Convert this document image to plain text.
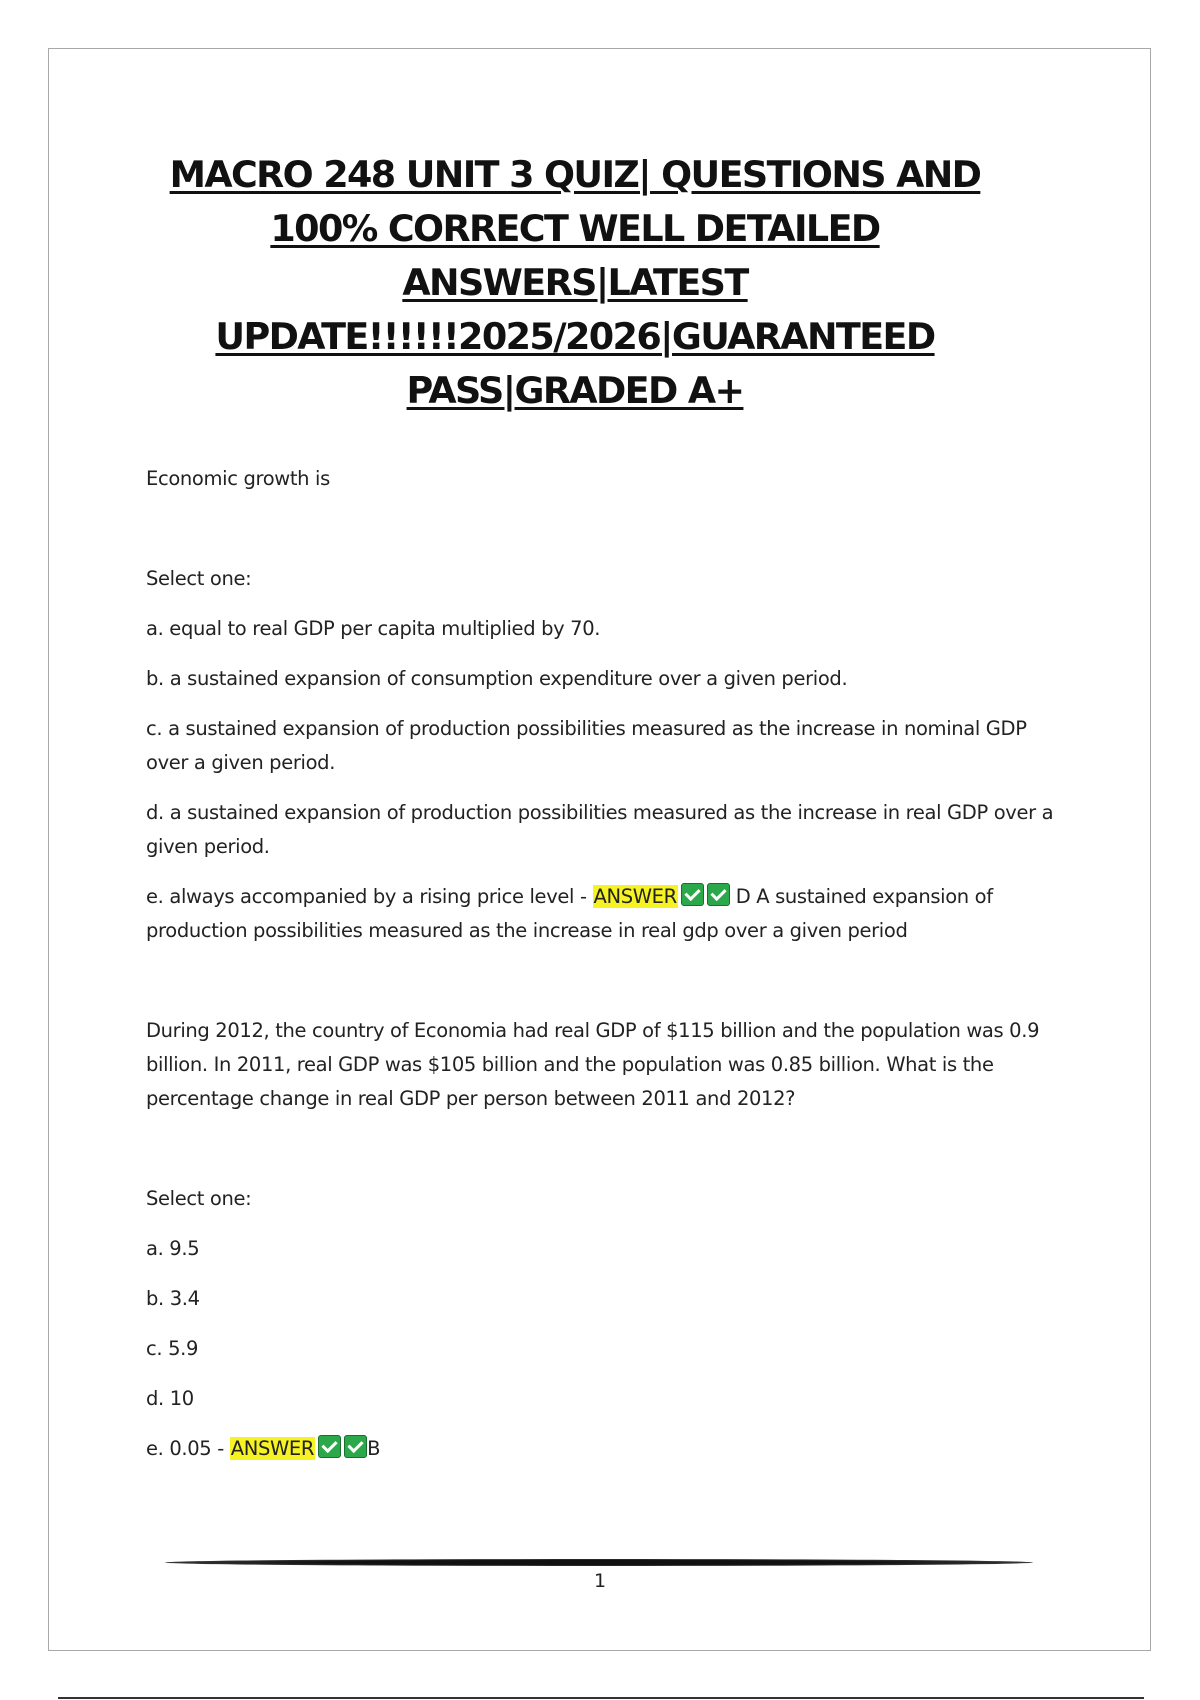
MACRO 248 UNIT 3 QUIZ| QUESTIONS AND
100% CORRECT WELL DETAILED
ANSWERS|LATEST
UPDATE!!!!!!2025/2026|GUARANTEED
PASS|GRADED A+

Economic growth is

Select one:

a. equal to real GDP per capita multiplied by 70.

b. a sustained expansion of consumption expenditure over a given period.

c. a sustained expansion of production possibilities measured as the increase in nominal GDP over a given period.

d. a sustained expansion of production possibilities measured as the increase in real GDP over a given period.

e. always accompanied by a rising price level - ANSWER	D A sustained expansion of production possibilities measured as the increase in real gdp over a given period

During 2012, the country of Economia had real GDP of $115 billion and the population was 0.9 billion. In 2011, real GDP was $105 billion and the population was 0.85 billion. What is the percentage change in real GDP per person between 2011 and 2012?

Select one:

a. 9.5

b. 3.4

c. 5.9

d. 10

e. 0.05 - ANSWER	B

1
